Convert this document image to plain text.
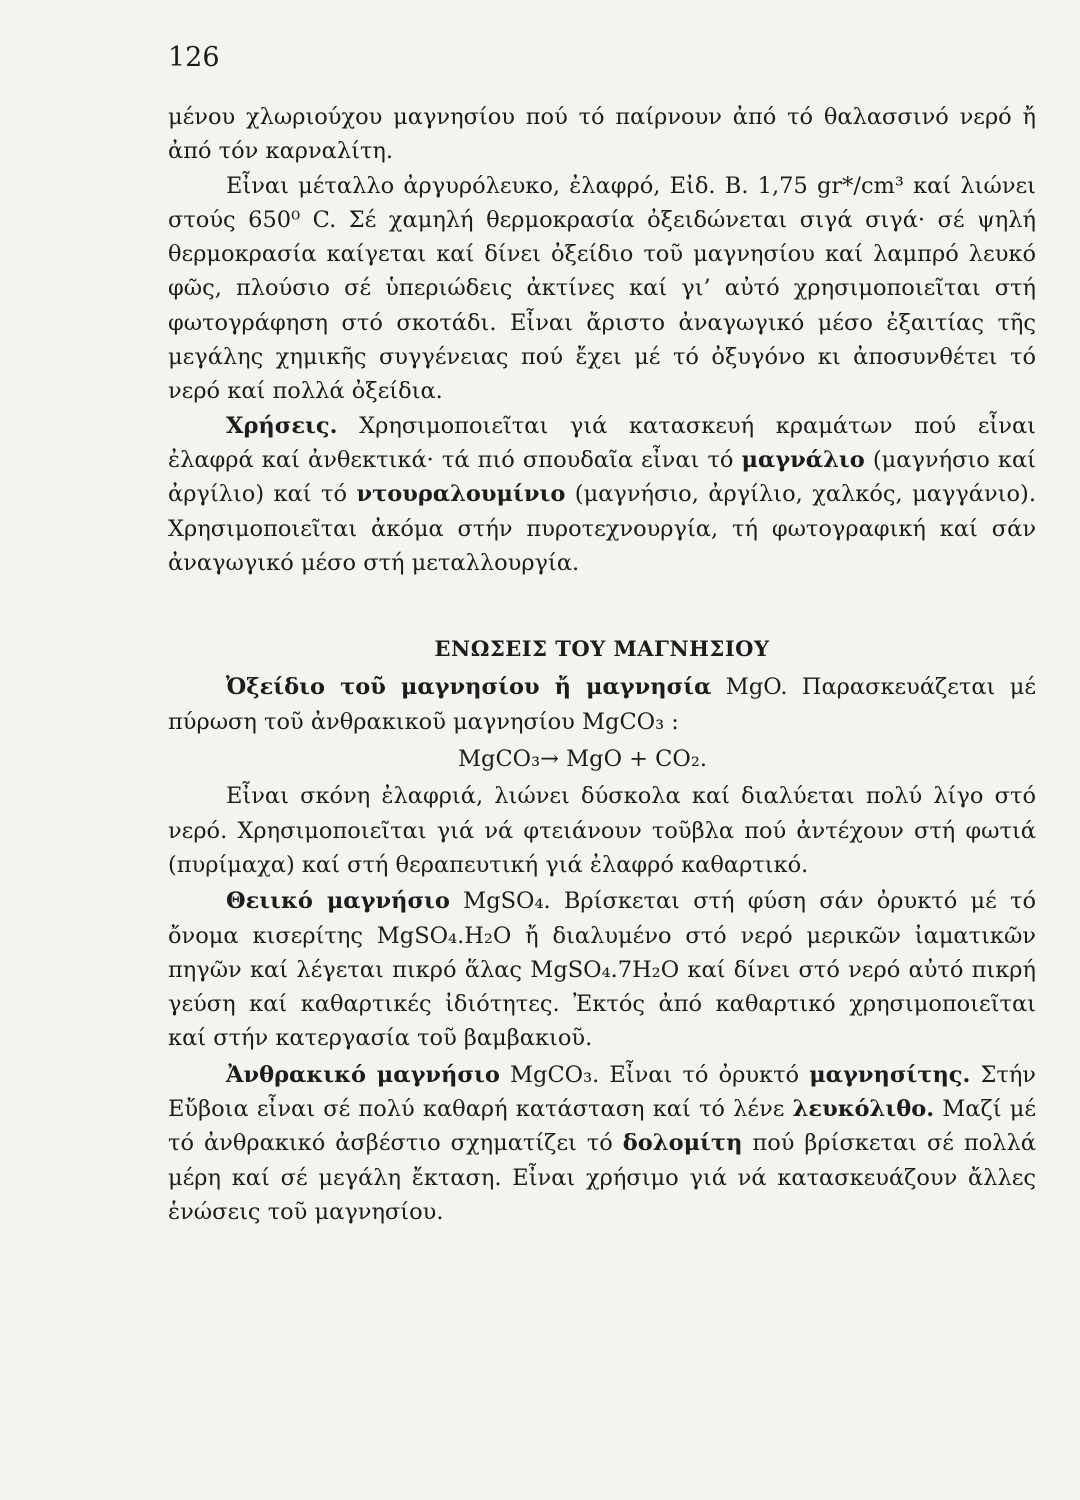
126

μένου χλωριούχου μαγνησίου πού τό παίρνουν ἀπό τό θαλασσινό νερό ἤ ἀπό τόν καρναλίτη.

Εἶναι μέταλλο ἀργυρόλευκο, ἐλαφρό, Εἰδ. Β. 1,75 gr*/cm³ καί λιώνει στούς 650⁰ C. Σέ χαμηλή θερμοκρασία ὀξειδώνεται σιγά σιγά· σέ ψηλή θερμοκρασία καίγεται καί δίνει ὀξείδιο τοῦ μαγνησίου καί λαμπρό λευκό φῶς, πλούσιο σέ ὑπεριώδεις ἀκτίνες καί γι’ αὐτό χρησιμοποιεῖται στή φωτογράφηση στό σκοτάδι. Εἶναι ἄριστο ἀναγωγικό μέσο ἐξαιτίας τῆς μεγάλης χημικῆς συγγένειας πού ἔχει μέ τό ὀξυγόνο κι ἀποσυνθέτει τό νερό καί πολλά ὀξείδια.

Χρήσεις. Χρησιμοποιεῖται γιά κατασκευή κραμάτων πού εἶναι ἐλαφρά καί ἀνθεκτικά· τά πιό σπουδαῖα εἶναι τό μαγνάλιο (μαγνήσιο καί ἀργίλιο) καί τό ντουραλουμίνιο (μαγνήσιο, ἀργίλιο, χαλκός, μαγγάνιο). Χρησιμοποιεῖται ἀκόμα στήν πυροτεχνουργία, τή φωτογραφική καί σάν ἀναγωγικό μέσο στή μεταλλουργία.

ΕΝΩΣΕΙΣ ΤΟΥ ΜΑΓΝΗΣΙΟΥ

Ὀξείδιο τοῦ μαγνησίου ἤ μαγνησία MgO. Παρασκευάζεται μέ πύρωση τοῦ ἀνθρακικοῦ μαγνησίου MgCO₃ :

MgCO₃→ MgO + CO₂.

Εἶναι σκόνη ἐλαφριά, λιώνει δύσκολα καί διαλύεται πολύ λίγο στό νερό. Χρησιμοποιεῖται γιά νά φτειάνουν τοῦβλα πού ἀντέχουν στή φωτιά (πυρίμαχα) καί στή θεραπευτική γιά ἐλαφρό καθαρτικό.

Θειικό μαγνήσιο MgSO₄. Βρίσκεται στή φύση σάν ὀρυκτό μέ τό ὄνομα κισερίτης MgSO₄.H₂O ἤ διαλυμένο στό νερό μερικῶν ἰαματικῶν πηγῶν καί λέγεται πικρό ἅλας MgSO₄.7H₂O καί δίνει στό νερό αὐτό πικρή γεύση καί καθαρτικές ἰδιότητες. Ἐκτός ἀπό καθαρτικό χρησιμοποιεῖται καί στήν κατεργασία τοῦ βαμβακιοῦ.

Ἀνθρακικό μαγνήσιο MgCO₃. Εἶναι τό ὀρυκτό μαγνησίτης. Στήν Εὔβοια εἶναι σέ πολύ καθαρή κατάσταση καί τό λένε λευκόλιθο. Μαζί μέ τό ἀνθρακικό ἀσβέστιο σχηματίζει τό δολομίτη πού βρίσκεται σέ πολλά μέρη καί σέ μεγάλη ἔκταση. Εἶναι χρήσιμο γιά νά κατασκευάζουν ἄλλες ἑνώσεις τοῦ μαγνησίου.
